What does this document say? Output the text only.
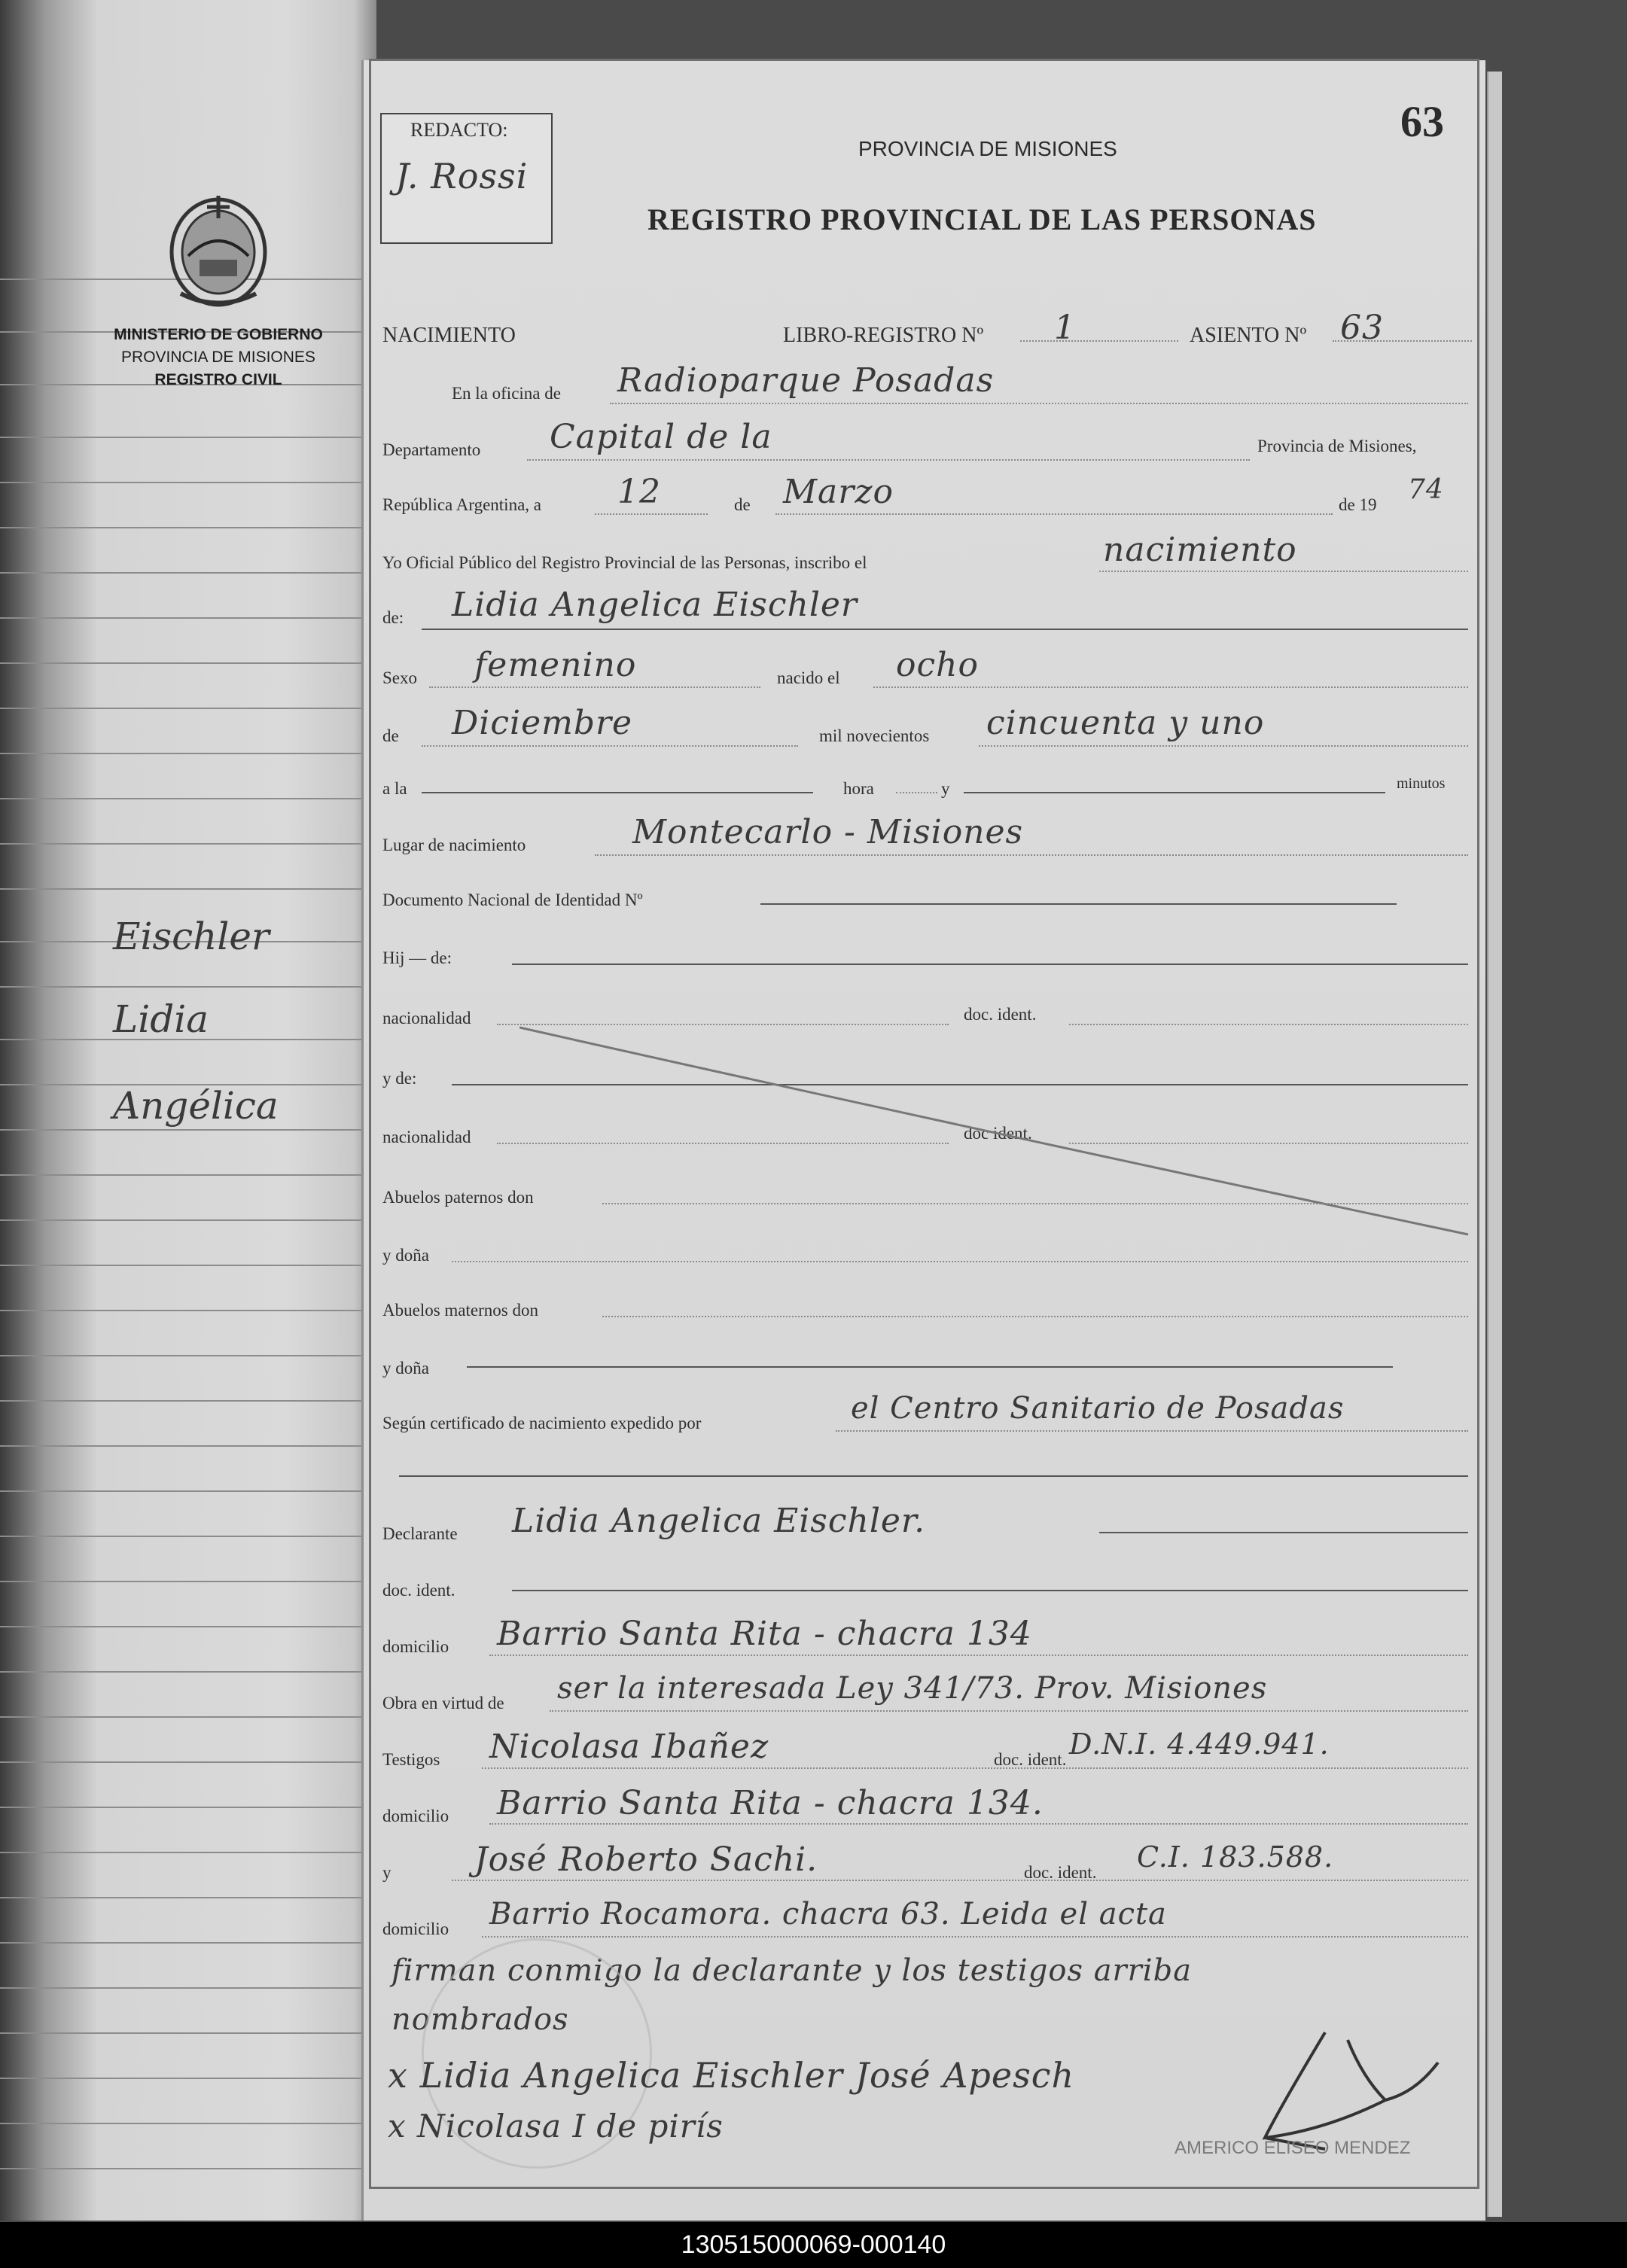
MINISTERIO DE GOBIERNO
PROVINCIA DE MISIONES
REGISTRO CIVIL
Eischler
Lidia
Angélica
REDACTO:
J. Rossi
63
PROVINCIA DE MISIONES
REGISTRO PROVINCIAL DE LAS PERSONAS
NACIMIENTO	LIBRO-REGISTRO Nº 1	ASIENTO Nº 63
En la oficina de Radioparque Posadas
Departamento Capital de la	Provincia de Misiones,
República Argentina, a 12	de Marzo	de 19 74
Yo Oficial Público del Registro Provincial de las Personas, inscribo el	nacimiento
de: Lidia Angelica Eischler
Sexo femenino	nacido el ocho
de Diciembre	mil novecientos cincuenta y uno
a la	hora	y	minutos
Lugar de nacimiento	Montecarlo - Misiones
Documento Nacional de Identidad Nº
Hij — de:
nacionalidad	doc. ident.
y de:
nacionalidad	doc ident.
Abuelos paternos don
y doña
Abuelos maternos don
y doña
Según certificado de nacimiento expedido por	el Centro Sanitario de Posadas
Declarante Lidia Angelica Eischler.
doc. ident.
domicilio Barrio Santa Rita - chacra 134
Obra en virtud de ser la interesada Ley 341/73. Prov. Misiones
Testigos Nicolasa Ibañez	doc. ident. D.N.I. 4.449.941.
domicilio Barrio Santa Rita - chacra 134.
y	José Roberto Sachi.	doc. ident. C.I. 183.588.
domicilio Barrio Rocamora. chacra 63. Leida el acta
firman conmigo la declarante y los testigos arriba
nombrados
x Lidia Angelica Eischler José Apesch
x Nicolasa I de pirís
AMERICO ELISEO MENDEZ
130515000069-000140
